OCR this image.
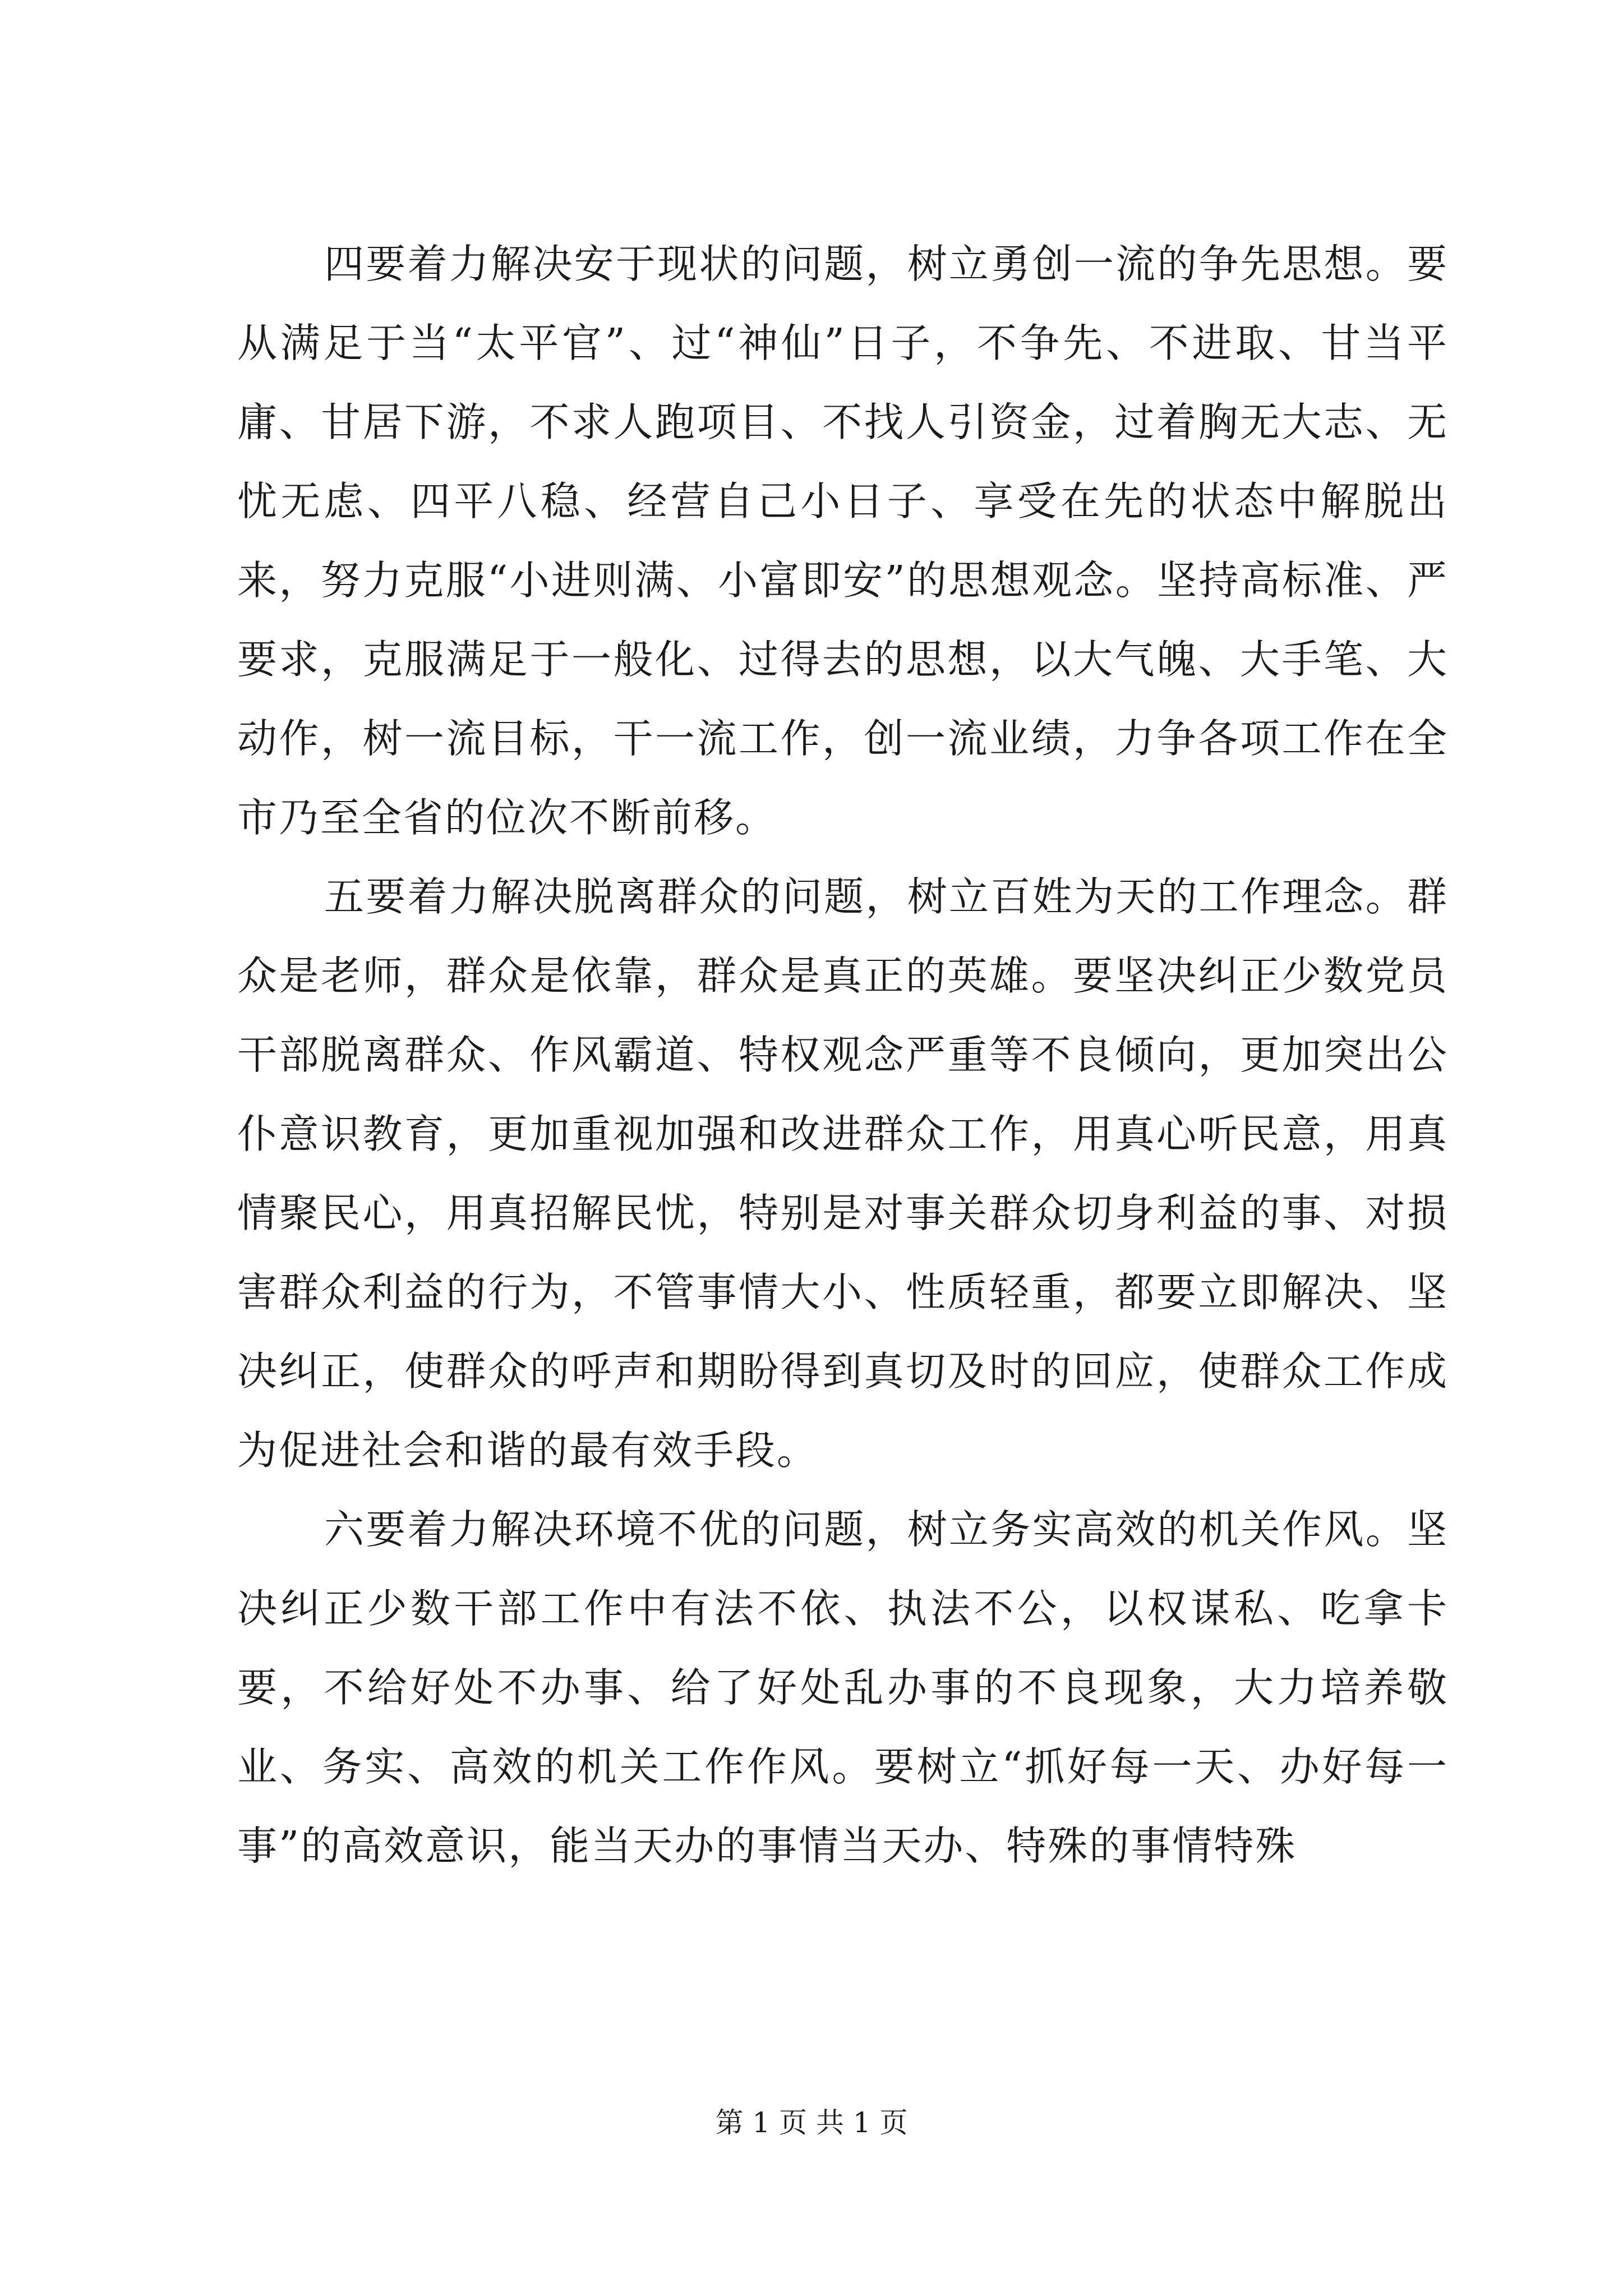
四要着力解决安于现状的问题，树立勇创一流的争先思想。要从满足于当“太平官”、过“神仙”日子，不争先、不进取、甘当平庸、甘居下游，不求人跑项目、不找人引资金，过着胸无大志、无忧无虑、四平八稳、经营自己小日子、享受在先的状态中解脱出来，努力克服“小进则满、小富即安”的思想观念。坚持高标准、严要求，克服满足于一般化、过得去的思想，以大气魄、大手笔、大动作，树一流目标，干一流工作，创一流业绩，力争各项工作在全市乃至全省的位次不断前移。

五要着力解决脱离群众的问题，树立百姓为天的工作理念。群众是老师，群众是依靠，群众是真正的英雄。要坚决纠正少数党员干部脱离群众、作风霸道、特权观念严重等不良倾向，更加突出公仆意识教育，更加重视加强和改进群众工作，用真心听民意，用真情聚民心，用真招解民忧，特别是对事关群众切身利益的事、对损害群众利益的行为，不管事情大小、性质轻重，都要立即解决、坚决纠正，使群众的呼声和期盼得到真切及时的回应，使群众工作成为促进社会和谐的最有效手段。

六要着力解决环境不优的问题，树立务实高效的机关作风。坚决纠正少数干部工作中有法不依、执法不公，以权谋私、吃拿卡要，不给好处不办事、给了好处乱办事的不良现象，大力培养敬业、务实、高效的机关工作作风。要树立“抓好每一天、办好每一事”的高效意识，能当天办的事情当天办、特殊的事情特殊

第 1 页 共 1 页
